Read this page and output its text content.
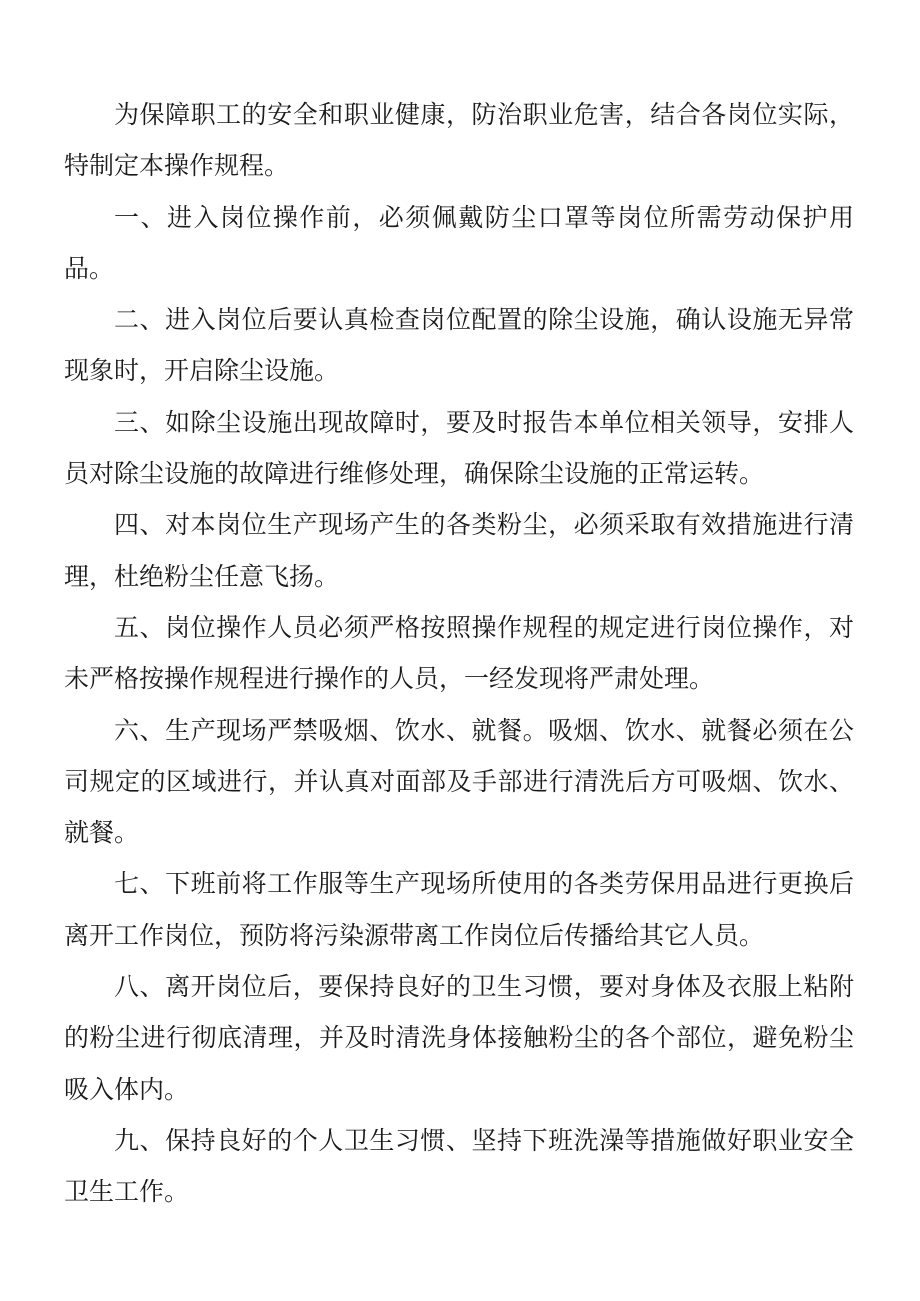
为保障职工的安全和职业健康，防治职业危害，结合各岗位实际，特制定本操作规程。

一、进入岗位操作前，必须佩戴防尘口罩等岗位所需劳动保护用品。

二、进入岗位后要认真检查岗位配置的除尘设施，确认设施无异常现象时，开启除尘设施。

三、如除尘设施出现故障时，要及时报告本单位相关领导，安排人员对除尘设施的故障进行维修处理，确保除尘设施的正常运转。

四、对本岗位生产现场产生的各类粉尘，必须采取有效措施进行清理，杜绝粉尘任意飞扬。

五、岗位操作人员必须严格按照操作规程的规定进行岗位操作，对未严格按操作规程进行操作的人员，一经发现将严肃处理。

六、生产现场严禁吸烟、饮水、就餐。吸烟、饮水、就餐必须在公司规定的区域进行，并认真对面部及手部进行清洗后方可吸烟、饮水、就餐。

七、下班前将工作服等生产现场所使用的各类劳保用品进行更换后离开工作岗位，预防将污染源带离工作岗位后传播给其它人员。

八、离开岗位后，要保持良好的卫生习惯，要对身体及衣服上粘附的粉尘进行彻底清理，并及时清洗身体接触粉尘的各个部位，避免粉尘吸入体内。

九、保持良好的个人卫生习惯、坚持下班洗澡等措施做好职业安全卫生工作。
